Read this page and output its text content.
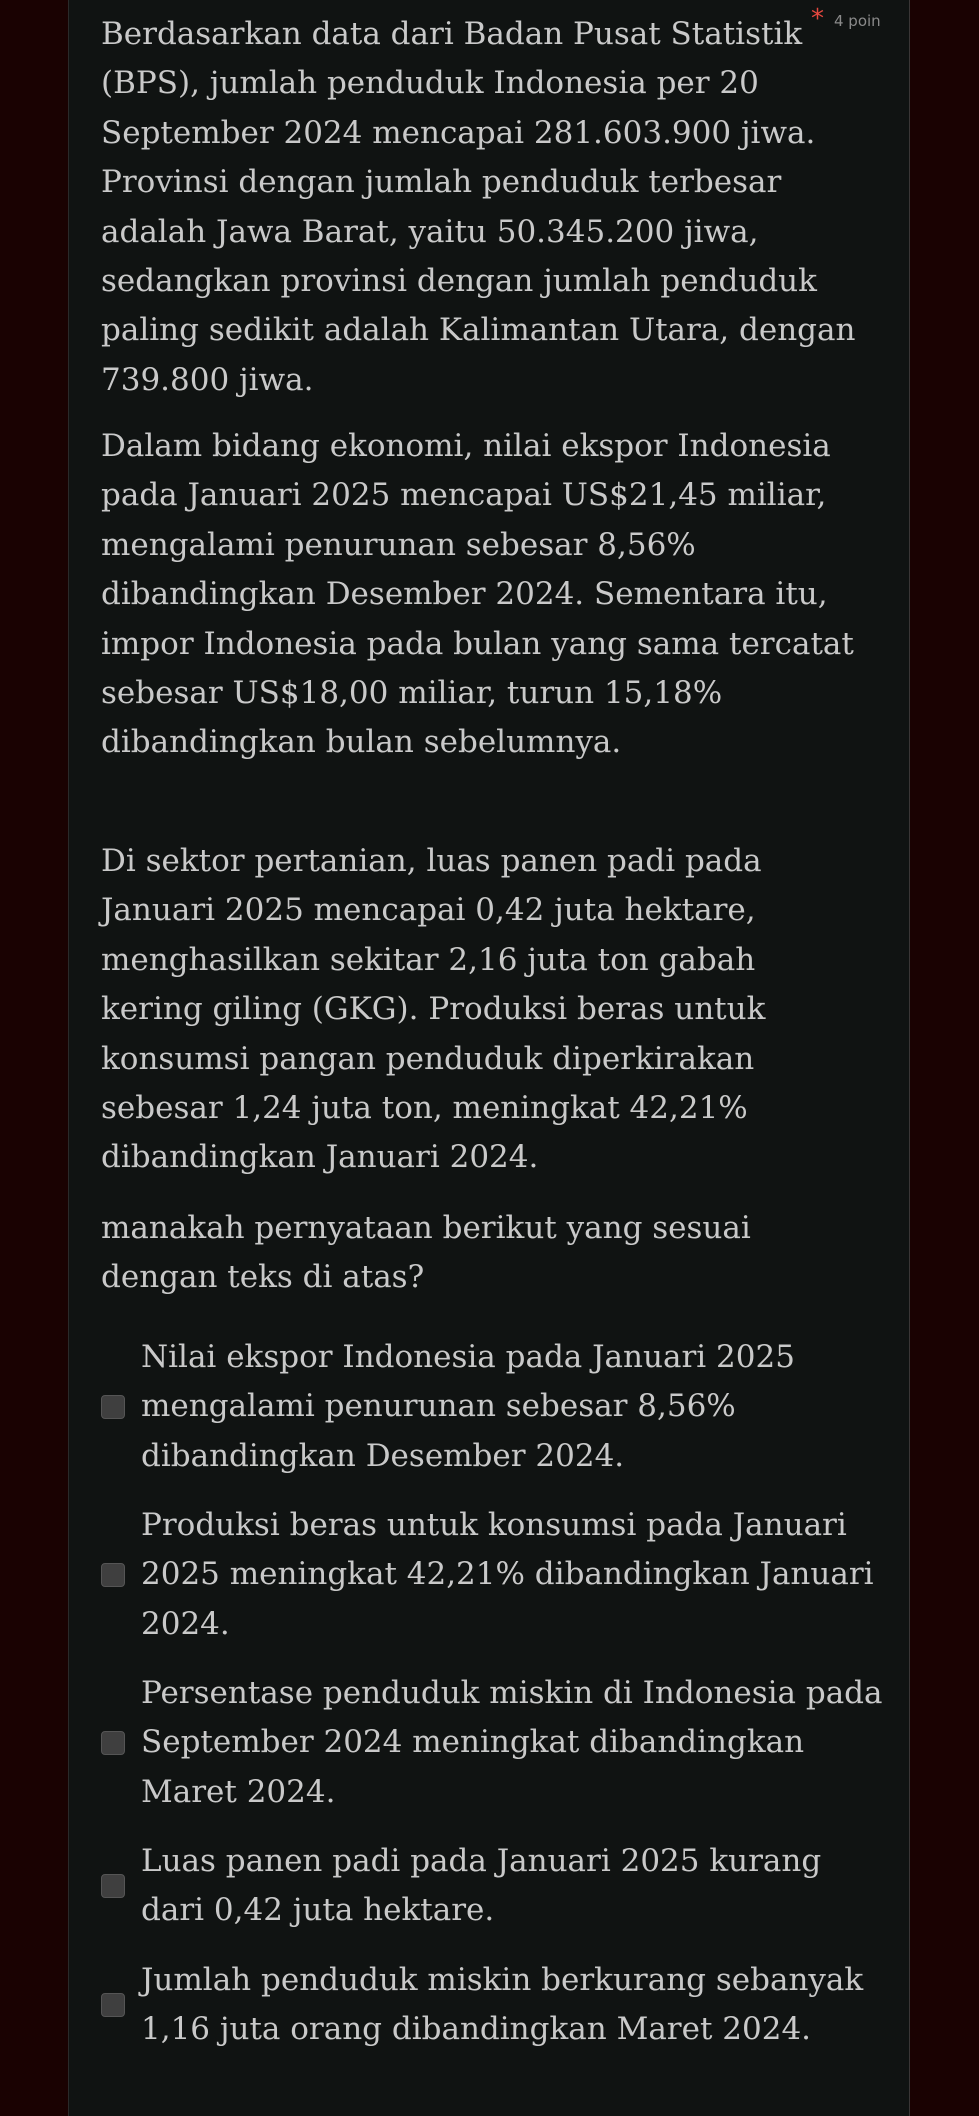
* 4 poin

Berdasarkan data dari Badan Pusat Statistik (BPS), jumlah penduduk Indonesia per 20 September 2024 mencapai 281.603.900 jiwa. Provinsi dengan jumlah penduduk terbesar adalah Jawa Barat, yaitu 50.345.200 jiwa, sedangkan provinsi dengan jumlah penduduk paling sedikit adalah Kalimantan Utara, dengan 739.800 jiwa.

Dalam bidang ekonomi, nilai ekspor Indonesia pada Januari 2025 mencapai US$21,45 miliar, mengalami penurunan sebesar 8,56% dibandingkan Desember 2024. Sementara itu, impor Indonesia pada bulan yang sama tercatat sebesar US$18,00 miliar, turun 15,18% dibandingkan bulan sebelumnya.

Di sektor pertanian, luas panen padi pada Januari 2025 mencapai 0,42 juta hektare, menghasilkan sekitar 2,16 juta ton gabah kering giling (GKG). Produksi beras untuk konsumsi pangan penduduk diperkirakan sebesar 1,24 juta ton, meningkat 42,21% dibandingkan Januari 2024.

manakah pernyataan berikut yang sesuai dengan teks di atas?

Nilai ekspor Indonesia pada Januari 2025 mengalami penurunan sebesar 8,56% dibandingkan Desember 2024.
Produksi beras untuk konsumsi pada Januari 2025 meningkat 42,21% dibandingkan Januari 2024.
Persentase penduduk miskin di Indonesia pada September 2024 meningkat dibandingkan Maret 2024.
Luas panen padi pada Januari 2025 kurang dari 0,42 juta hektare.
Jumlah penduduk miskin berkurang sebanyak 1,16 juta orang dibandingkan Maret 2024.
